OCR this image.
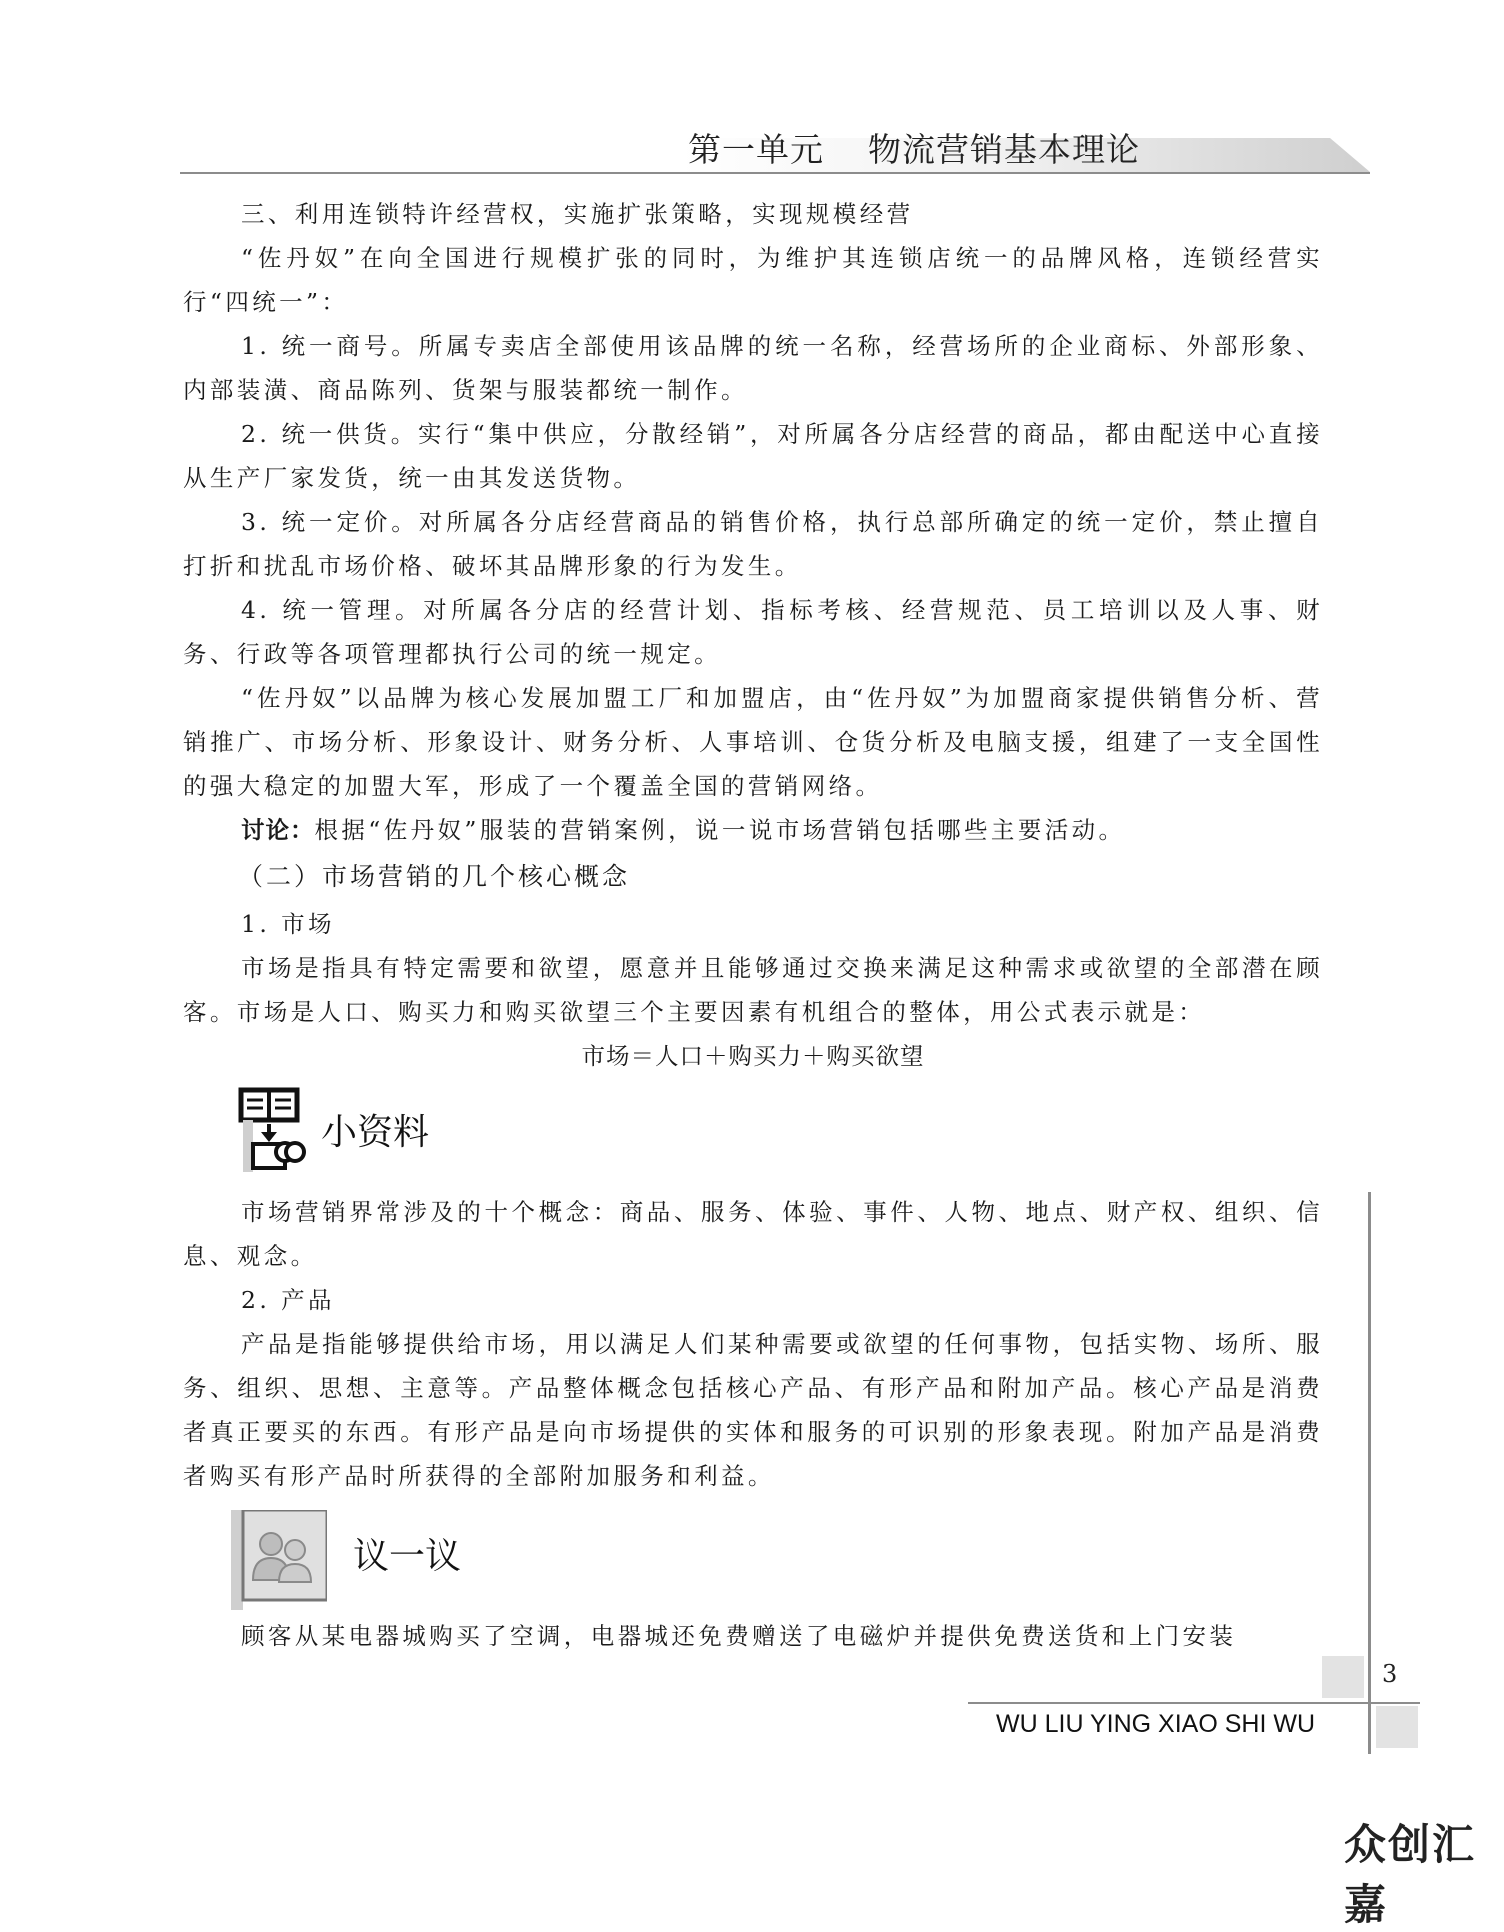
第一单元 物流营销基本理论

三、利用连锁特许经营权，实施扩张策略，实现规模经营

“佐丹奴”在向全国进行规模扩张的同时，为维护其连锁店统一的品牌风格，连锁经营实行“四统一”：

1. 统一商号。所属专卖店全部使用该品牌的统一名称，经营场所的企业商标、外部形象、内部装潢、商品陈列、货架与服装都统一制作。

2. 统一供货。实行“集中供应，分散经销”，对所属各分店经营的商品，都由配送中心直接从生产厂家发货，统一由其发送货物。

3. 统一定价。对所属各分店经营商品的销售价格，执行总部所确定的统一定价，禁止擅自打折和扰乱市场价格、破坏其品牌形象的行为发生。

4. 统一管理。对所属各分店的经营计划、指标考核、经营规范、员工培训以及人事、财务、行政等各项管理都执行公司的统一规定。

“佐丹奴”以品牌为核心发展加盟工厂和加盟店，由“佐丹奴”为加盟商家提供销售分析、营销推广、市场分析、形象设计、财务分析、人事培训、仓货分析及电脑支援，组建了一支全国性的强大稳定的加盟大军，形成了一个覆盖全国的营销网络。

讨论：根据“佐丹奴”服装的营销案例，说一说市场营销包括哪些主要活动。

（二）市场营销的几个核心概念

1. 市场

市场是指具有特定需要和欲望，愿意并且能够通过交换来满足这种需求或欲望的全部潜在顾客。市场是人口、购买力和购买欲望三个主要因素有机组合的整体，用公式表示就是：

市场＝人口＋购买力＋购买欲望

小资料

市场营销界常涉及的十个概念：商品、服务、体验、事件、人物、地点、财产权、组织、信息、观念。

2. 产品

产品是指能够提供给市场，用以满足人们某种需要或欲望的任何事物，包括实物、场所、服务、组织、思想、主意等。产品整体概念包括核心产品、有形产品和附加产品。核心产品是消费者真正要买的东西。有形产品是向市场提供的实体和服务的可识别的形象表现。附加产品是消费者购买有形产品时所获得的全部附加服务和利益。

议一议

顾客从某电器城购买了空调，电器城还免费赠送了电磁炉并提供免费送货和上门安装

3
WU LIU YING XIAO SHI WU
众创汇嘉
